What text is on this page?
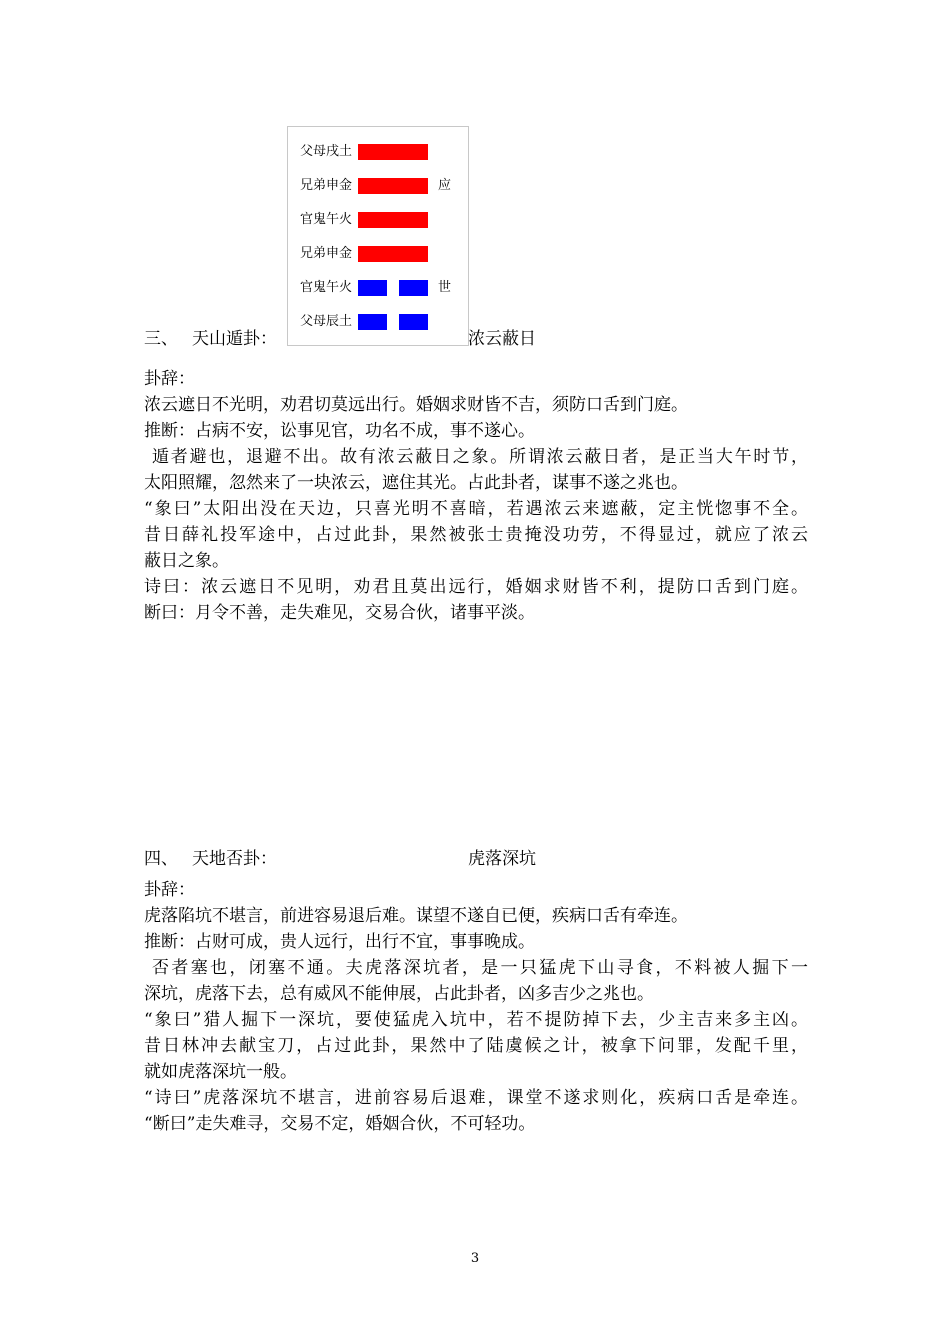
父母戌土
兄弟申金	应
官鬼午火
兄弟申金
官鬼午火	世
父母辰土
三、 天山遁卦：	浓云蔽日

卦辞：

浓云遮日不光明，劝君切莫远出行。婚姻求财皆不吉，须防口舌到门庭。

推断：占病不安，讼事见官，功名不成，事不遂心。

遁者避也，退避不出。故有浓云蔽日之象。所谓浓云蔽日者，是正当大午时节，

太阳照耀，忽然来了一块浓云，遮住其光。占此卦者，谋事不遂之兆也。

“象曰”太阳出没在天边，只喜光明不喜暗，若遇浓云来遮蔽，定主恍惚事不全。

昔日薛礼投军途中，占过此卦，果然被张士贵掩没功劳，不得显过，就应了浓云

蔽日之象。

诗曰：浓云遮日不见明，劝君且莫出远行，婚姻求财皆不利，提防口舌到门庭。

断曰：月令不善，走失难见，交易合伙，诸事平淡。

四、 天地否卦：	虎落深坑

卦辞：

虎落陷坑不堪言，前进容易退后难。谋望不遂自已便，疾病口舌有牵连。

推断：占财可成，贵人远行，出行不宜，事事晚成。

否者塞也，闭塞不通。夫虎落深坑者，是一只猛虎下山寻食，不料被人掘下一

深坑，虎落下去，总有威风不能伸展，占此卦者，凶多吉少之兆也。

“象曰”猎人掘下一深坑，要使猛虎入坑中，若不提防掉下去，少主吉来多主凶。

昔日林冲去献宝刀，占过此卦，果然中了陆虞候之计，被拿下问罪，发配千里，

就如虎落深坑一般。

“诗曰”虎落深坑不堪言，进前容易后退难，课堂不遂求则化，疾病口舌是牵连。

“断曰”走失难寻，交易不定，婚姻合伙，不可轻功。

3
